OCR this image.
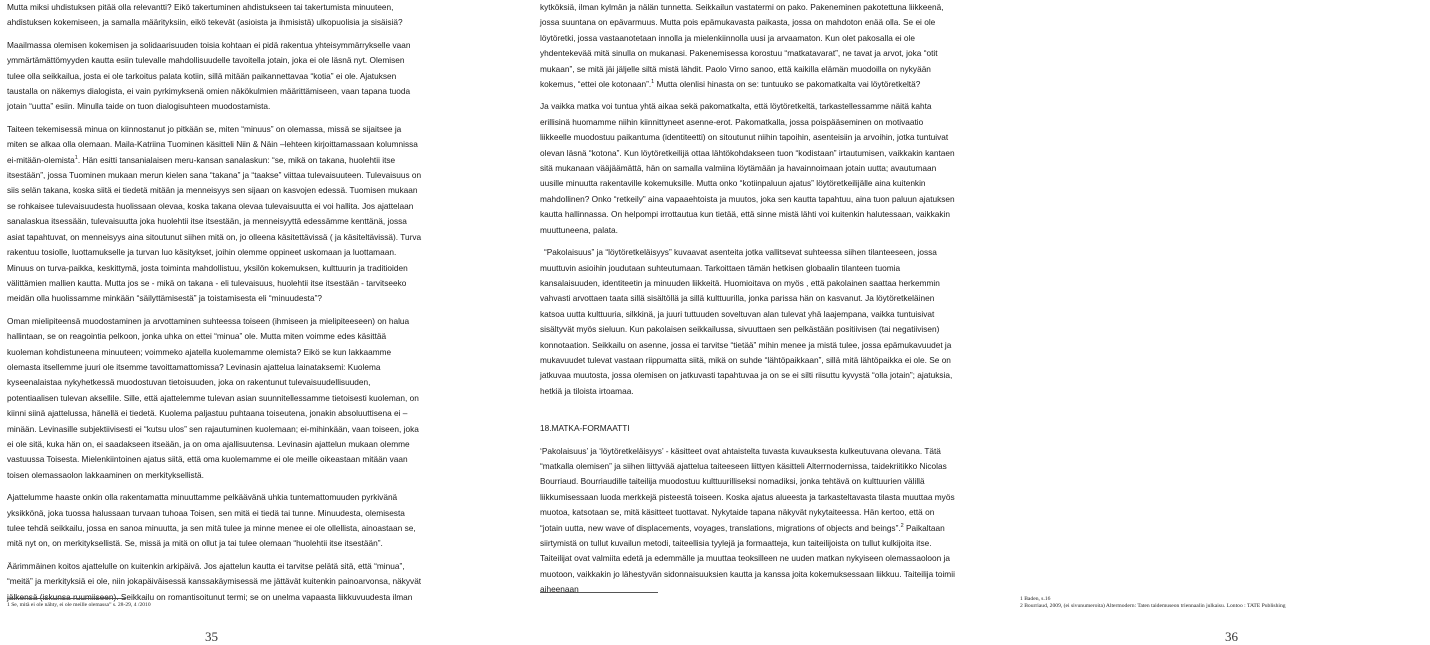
Mutta miksi uhdistuksen pitää olla relevantti? Eikö takertuminen ahdistukseen tai takertumista minuuteen, ahdistuksen kokemiseen, ja samalla määrityksiin, eikö tekevät (asioista ja ihmisistä) ulkopuolisia ja sisäisiä?

Maailmassa olemisen kokemisen ja solidaarisuuden toisia kohtaan ei pidä rakentua yhteisymmärrykselle vaan ymmärtämättömyyden kautta esiin tulevalle mahdollisuudelle tavoitella jotain, joka ei ole läsnä nyt. Olemisen tulee olla seikkailua, josta ei ole tarkoitus palata kotiin, sillä mitään paikannettavaa “kotia” ei ole. Ajatuksen taustalla on näkemys dialogista, ei vain pyrkimyksenä omien näkökulmien määrittämiseen, vaan tapana tuoda jotain “uutta” esiin. Minulla taide on tuon dialogisuhteen muodostamista.

Taiteen tekemisessä minua on kiinnostanut jo pitkään se, miten “minuus” on olemassa, missä se sijaitsee ja miten se alkaa olla olemaan. Maila-Katriina Tuominen käsitteli Niin & Näin –lehteen kirjoittamassaan kolumnissa ei-mitään-olemista$^1$. Hän esitti tansanialaisen meru-kansan sanalaskun: “se, mikä on takana, huolehtii itse itsestään”, jossa Tuominen mukaan merun kielen sana “takana” ja “taakse” viittaa tulevaisuuteen. Tulevaisuus on siis selän takana, koska siitä ei tiedetä mitään ja menneisyys sen sijaan on kasvojen edessä. Tuomisen mukaan se rohkaisee tulevaisuudesta huolissaan olevaa, koska takana olevaa tulevaisuutta ei voi hallita. Jos ajattelaan sanalaskua itsessään, tulevaisuutta joka huolehtii itse itsestään, ja menneisyyttä edessämme kenttänä, jossa asiat tapahtuvat, on menneisyys aina sitoutunut siihen mitä on, jo olleena käsitettävissä ( ja käsiteltävissä). Turva rakentuu tosiolle, luottamukselle ja turvan luo käsitykset, joihin olemme oppineet uskomaan ja luottamaan. Minuus on turva-paikka, keskittymä, josta toiminta mahdollistuu, yksilön kokemuksen, kulttuurin ja traditioiden välittämien mallien kautta. Mutta jos se - mikä on takana - eli tulevaisuus, huolehtii itse itsestään - tarvitseeko meidän olla huolissamme minkään “säilyttämisestä” ja toistamisesta eli “minuudesta”?

Oman mielipiteensä muodostaminen ja arvottaminen suhteessa toiseen (ihmiseen ja mielipiteeseen) on halua hallintaan, se on reagointia pelkoon, jonka uhka on ettei “minua” ole. Mutta miten voimme edes käsittää kuoleman kohdistuneena minuuteen; voimmeko ajatella kuolemamme olemista? Eikö se kun lakkaamme olemasta itsellemme juuri ole itsemme tavoittamattomissa? Levinasin ajattelua lainataksemi: Kuolema kyseenalaistaa nykyhetkessä muodostuvan tietoisuuden, joka on rakentunut tulevaisuudellisuuden, potentiaalisen tulevan aksellile. Sille, että ajattelemme tulevan asian suunnitellessamme tietoisesti kuoleman, on kiinni siinä ajattelussa, hänellä ei tiedetä. Kuolema paljastuu puhtaana toiseutena, jonakin absoluuttisena ei –minään. Levinasille subjektiivisesti ei “kutsu ulos” sen rajautuminen kuolemaan; ei-mihinkään, vaan toiseen, joka ei ole sitä, kuka hän on, ei saadakseen itseään, ja on oma ajallisuutensa. Levinasin ajattelun mukaan olemme vastuussa Toisesta. Mielenkiintoinen ajatus siitä, että oma kuolemamme ei ole meille oikeastaan mitään vaan toisen olemassaolon lakkaaminen on merkityksellistä.

Ajattelumme haaste onkin olla rakentamatta minuuttamme pelkäävänä uhkia tuntemattomuuden pyrkivänä yksikkönä, joka tuossa halussaan turvaan tuhoaa Toisen, sen mitä ei tiedä tai tunne. Minuudesta, olemisesta tulee tehdä seikkailu, jossa en sanoa minuutta, ja sen mitä tulee ja minne menee ei ole ollellista, ainoastaan se, mitä nyt on, on merkityksellistä. Se, missä ja mitä on ollut ja tai tulee olemaan “huolehtii itse itsestään”.

Äärimmäinen koitos ajattelulle on kuitenkin arkipäivä. Jos ajattelun kautta ei tarvitse pelätä sitä, että “minua”, “meitä” ja merkityksiä ei ole, niin jokapäiväisessä kanssakäymisessä me jättävät kuitenkin painoarvonsa, näkyvät jälkensä (iskunsa ruumiiseen). Seikkailu on romantisoitunut termi; se on unelma vapaasta liikkuvuudesta ilman

1 Se, mitä ei ole nähty, ei ole meille olemassa” s. 28-29, 4 /2010
35

kytköksiä, ilman kylmän ja nälän tunnetta. Seikkailun vastatermi on pako. Pakeneminen pakotettuna liikkeenä, jossa suuntana on epävarmuus. Mutta pois epämukavasta paikasta, jossa on mahdoton enää olla. Se ei ole löytöretki, jossa vastaanotetaan innolla ja mielenkiinnolla uusi ja arvaamaton. Kun olet pakosalla ei ole yhdentekevää mitä sinulla on mukanasi. Pakenemisessa korostuu “matkatavarat”, ne tavat ja arvot, joka “otit mukaan”, se mitä jäi jäljelle siltä mistä lähdit. Paolo Virno sanoo, että kaikilla elämän muodoilla on nykyään kokemus, “ettei ole kotonaan”.$^1$ Mutta olenlisi hinasta on se: tuntuuko se pakomatkalta vai löytöretkeltä?

Ja vaikka matka voi tuntua yhtä aikaa sekä pakomatkalta, että löytöretkeltä, tarkastellessamme näitä kahta erillisinä huomamme niihin kiinnittyneet asenne-erot. Pakomatkalla, jossa poispääseminen on motivaatio liikkeelle muodostuu paikantuma (identiteetti) on sitoutunut niihin tapoihin, asenteisiin ja arvoihin, jotka tuntuivat olevan läsnä “kotona”. Kun löytöretkeilijä ottaa lähtökohdakseen tuon “kodistaan” irtautumisen, vaikkakin kantaen sitä mukanaan vääjäämättä, hän on samalla valmiina löytämään ja havainnoimaan jotain uutta; avautumaan uusille minuutta rakentaville kokemuksille. Mutta onko “kotiinpaluun ajatus” löytöretkeilijälle aina kuitenkin mahdollinen? Onko “retkeily” aina vapaaehtoista ja muutos, joka sen kautta tapahtuu, aina tuon paluun ajatuksen kautta hallinnassa. On helpompi irrottautua kun tietää, että sinne mistä lähti voi kuitenkin halutessaan, vaikkakin muuttuneena, palata.

“Pakolaisuus” ja “löytöretkeläisyys” kuvaavat asenteita jotka vallitsevat suhteessa siihen tilanteeseen, jossa muuttuvin asioihin joudutaan suhteutumaan. Tarkoittaen tämän hetkisen globaalin tilanteen tuomia kansalaisuuden, identiteetin ja minuuden liikkeitä. Huomioitava on myös , että pakolainen saattaa herkemmin vahvasti arvottaen taata sillä sisältöllä ja sillä kulttuurilla, jonka parissa hän on kasvanut. Ja löytöretkeläinen katsoa uutta kulttuuria, silkkinä, ja juuri tuttuuden soveltuvan alan tulevat yhä laajempana, vaikka tuntuisivat sisältyvät myös sieluun. Kun pakolaisen seikkailussa, sivuuttaen sen pelkästään positiivisen (tai negatiivisen) konnotaation. Seikkailu on asenne, jossa ei tarvitse “tietää” mihin menee ja mistä tulee, jossa epämukavuudet ja mukavuudet tulevat vastaan riippumatta siitä, mikä on suhde “lähtöpaikkaan”, sillä mitä lähtöpaikka ei ole. Se on jatkuvaa muutosta, jossa olemisen on jatkuvasti tapahtuvaa ja on se ei silti riisuttu kyvystä “olla jotain”; ajatuksia, hetkiä ja tiloista irtoamaa.

18.MATKA-FORMAATTI

‘Pakolaisuus’ ja ‘löytöretkeläisyys’ - käsitteet ovat ahtaistelta tuvasta kuvauksesta kulkeutuvana olevana. Tätä “matkalla olemisen” ja siihen liittyvää ajattelua taiteeseen liittyen käsitteli Alterrnodernissa, taidekriitikko Nicolas Bourriaud. Bourriaudille taiteilija muodostuu kulttuurilliseksi nomadiksi, jonka tehtävä on kulttuurien välillä liikkumisessaan luoda merkkejä pisteestä toiseen. Koska ajatus alueesta ja tarkasteltavasta tilasta muuttaa myös muotoa, katsotaan se, mitä käsitteet tuottavat. Nykytaide tapana näkyvät nykytaiteessa. Hän kertoo, että on “jotain uutta, new wave of displacements, voyages, translations, migrations of objects and beings”.$^2$ Paikaltaan siirtymistä on tullut kuvailun metodi, taiteellisia tyylejä ja formaatteja, kun taiteilijoista on tullut kulkijoita itse. Taiteilijat ovat valmiita edetä ja edemmälle ja muuttaa teoksilleen ne uuden matkan nykyiseen olemassaoloon ja muotoon, vaikkakin jo lähestyvän sidonnaisuuksien kautta ja kanssa joita kokemuksessaan liikkuu. Taiteilija toimii aiheenaan

1 Baden, s.16
2 Bourriaud, 2009, (ei sivunumeroita) Altermodern: Taten taidemuseon triennaalin julkaisu. Lontoo : TATE Publishing
36
